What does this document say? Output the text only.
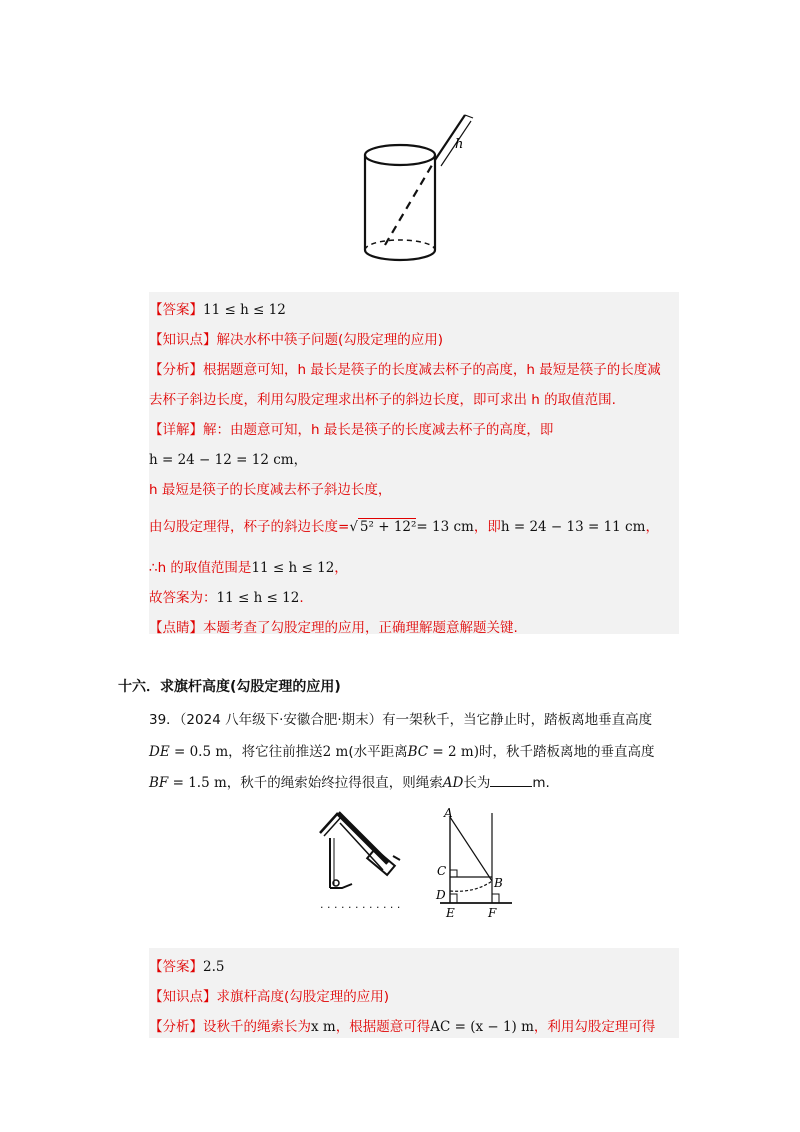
h
【答案】11 ≤ h ≤ 12
【知识点】解决水杯中筷子问题(勾股定理的应用)
【分析】根据题意可知，h 最长是筷子的长度减去杯子的高度，h 最短是筷子的长度减
去杯子斜边长度，利用勾股定理求出杯子的斜边长度，即可求出 h 的取值范围.
【详解】解：由题意可知，h 最长是筷子的长度减去杯子的高度，即
h = 24 − 12 = 12 cm，
h 最短是筷子的长度减去杯子斜边长度，
由勾股定理得，杯子的斜边长度=√ 5² + 12²= 13 cm，即h = 24 − 13 = 11 cm，
∴h 的取值范围是11 ≤ h ≤ 12，
故答案为：11 ≤ h ≤ 12.
【点睛】本题考查了勾股定理的应用，正确理解题意解题关键.
十六．求旗杆高度(勾股定理的应用)
39．（2024 八年级下·安徽合肥·期末）有一架秋千，当它静止时，踏板离地垂直高度
DE = 0.5 m，将它往前推送2 m(水平距离BC = 2 m)时，秋千踏板离地的垂直高度
BF = 1.5 m，秋千的绳索始终拉得很直，则绳索AD长为	m.
· · · · · · · · · · · ·
A
C
B
D
E	F
【答案】2.5
【知识点】求旗杆高度(勾股定理的应用)
【分析】设秋千的绳索长为x m，根据题意可得AC = (x − 1) m，利用勾股定理可得
